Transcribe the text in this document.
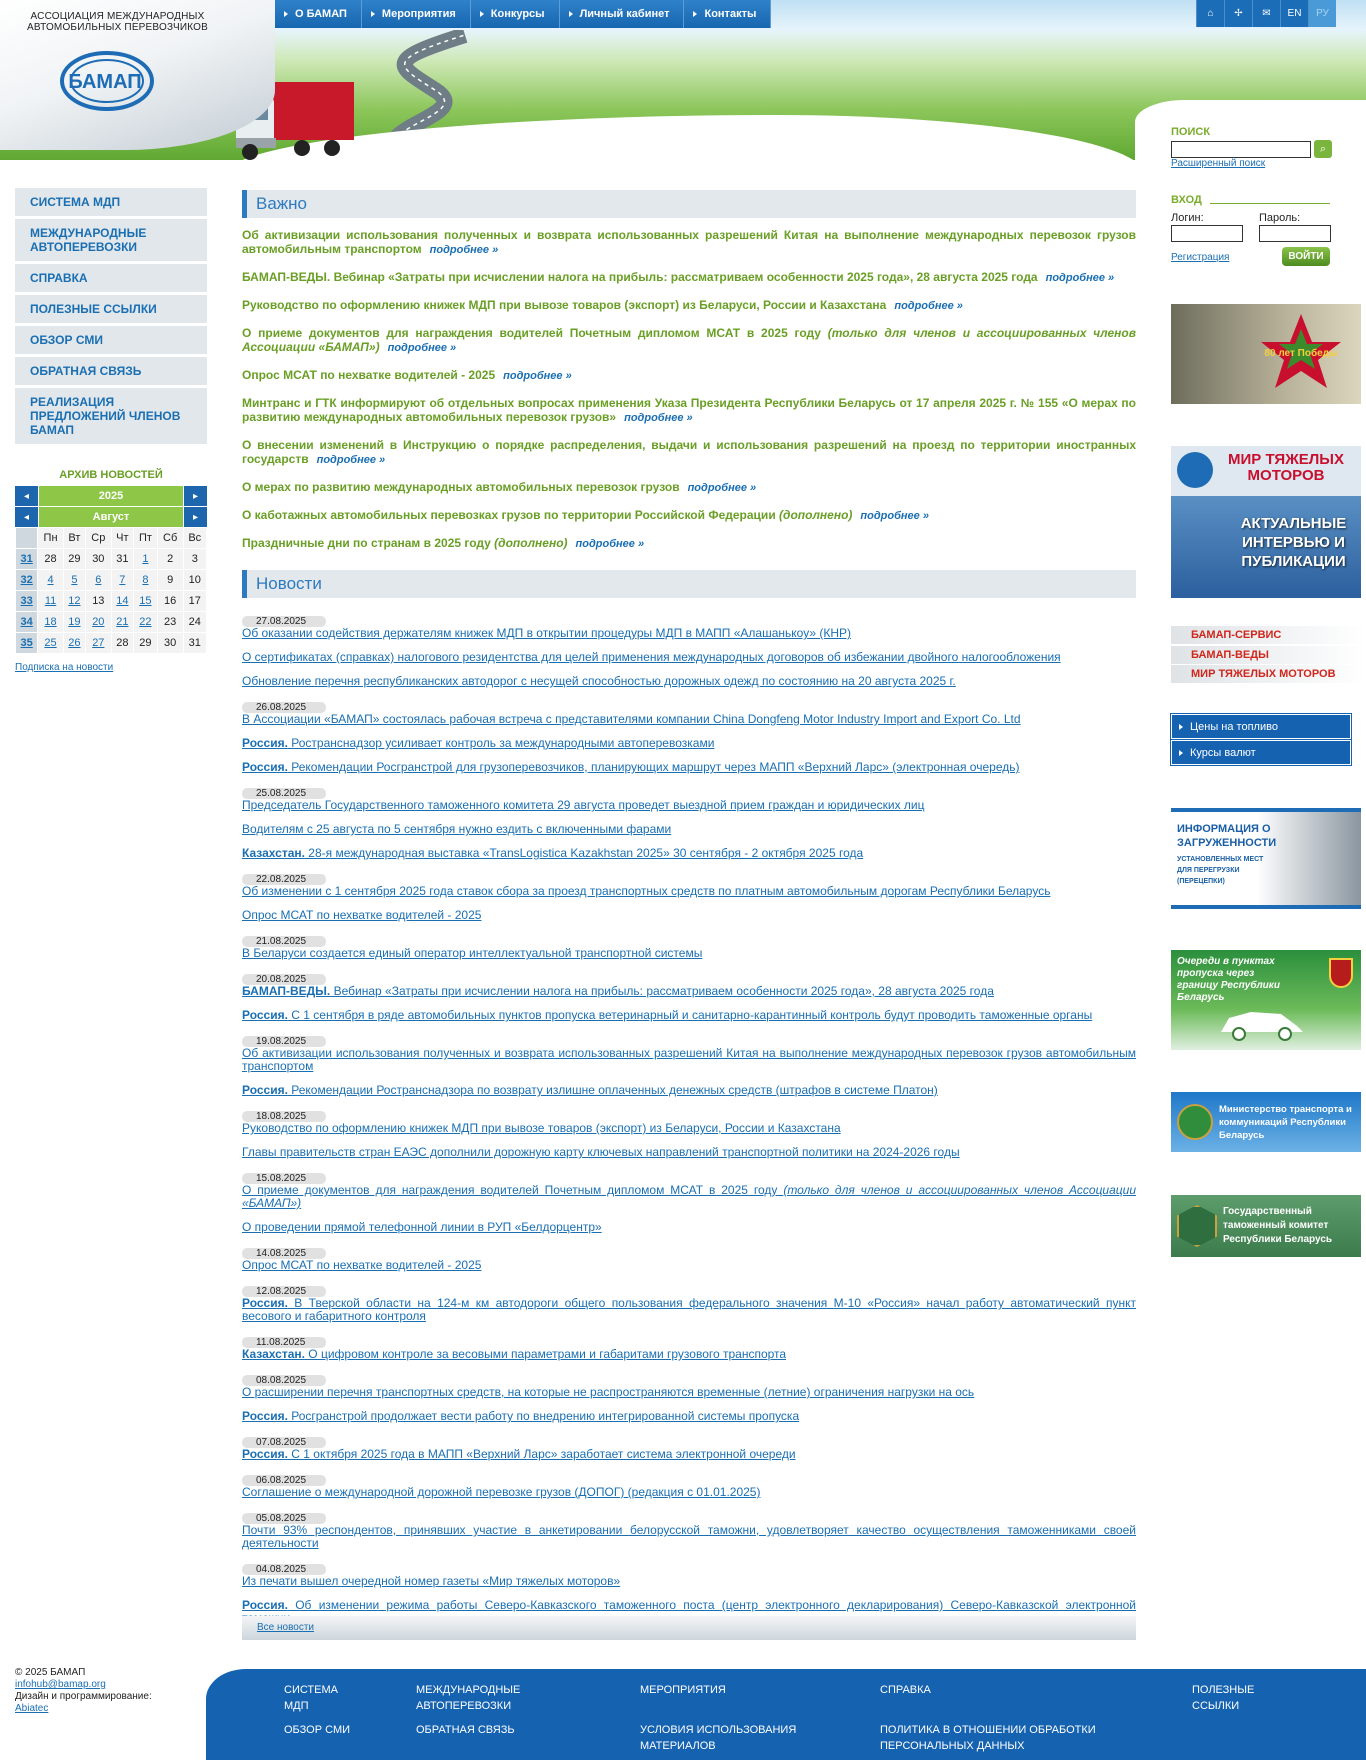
АССОЦИАЦИЯ МЕЖДУНАРОДНЫХ
АВТОМОБИЛЬНЫХ ПЕРЕВОЗЧИКОВ
БАМАП
О БАМАП	Мероприятия	Конкурсы	Личный кабинет	Контакты	⌂	✢	✉	EN	РУ
ПОИСК
⌕
Расширенный поиск
ВХОД
Логин:	Пароль:
Регистрация	ВОЙТИ
СИСТЕМА МДП
МЕЖДУНАРОДНЫЕ АВТОПЕРЕВОЗКИ
СПРАВКА
ПОЛЕЗНЫЕ ССЫЛКИ
ОБЗОР СМИ
ОБРАТНАЯ СВЯЗЬ
РЕАЛИЗАЦИЯ ПРЕДЛОЖЕНИЙ ЧЛЕНОВ БАМАП
АРХИВ НОВОСТЕЙ
◂	2025	▸
◂	Август	▸
	Пн	Вт	Ср	Чт	Пт	Сб	Вс
31	28	29	30	31	1	2	3
32	4	5	6	7	8	9	10
33	11	12	13	14	15	16	17
34	18	19	20	21	22	23	24
35	25	26	27	28	29	30	31
Подписка на новости
Важно
Об активизации использования полученных и возврата использованных разрешений Китая на выполнение международных перевозок грузов автомобильным транспортом подробнее »
БАМАП-ВЕДЫ. Вебинар «Затраты при исчислении налога на прибыль: рассматриваем особенности 2025 года», 28 августа 2025 года подробнее »
Руководство по оформлению книжек МДП при вывозе товаров (экспорт) из Беларуси, России и Казахстана подробнее »
О приеме документов для награждения водителей Почетным дипломом МСАТ в 2025 году (только для членов и ассоциированных членов Ассоциации «БАМАП») подробнее »
Опрос МСАТ по нехватке водителей - 2025 подробнее »
Минтранс и ГТК информируют об отдельных вопросах применения Указа Президента Республики Беларусь от 17 апреля 2025 г. № 155 «О мерах по развитию международных автомобильных перевозок грузов» подробнее »
О внесении изменений в Инструкцию о порядке распределения, выдачи и использования разрешений на проезд по территории иностранных государств подробнее »
О мерах по развитию международных автомобильных перевозок грузов подробнее »
О каботажных автомобильных перевозках грузов по территории Российской Федерации (дополнено) подробнее »
Праздничные дни по странам в 2025 году (дополнено) подробнее »
Новости
27.08.2025
Об оказании содействия держателям книжек МДП в открытии процедуры МДП в МАПП «Алашанькоу» (КНР)
О сертификатах (справках) налогового резидентства для целей применения международных договоров об избежании двойного налогообложения
Обновление перечня республиканских автодорог с несущей способностью дорожных одежд по состоянию на 20 августа 2025 г.
26.08.2025
В Ассоциации «БАМАП» состоялась рабочая встреча с представителями компании China Dongfeng Motor Industry Import and Export Co. Ltd
Россия. Ространснадзор усиливает контроль за международными автоперевозками
Россия. Рекомендации Росгранстрой для грузоперевозчиков, планирующих маршрут через МАПП «Верхний Ларс» (электронная очередь)
25.08.2025
Председатель Государственного таможенного комитета 29 августа проведет выездной прием граждан и юридических лиц
Водителям с 25 августа по 5 сентября нужно ездить с включенными фарами
Казахстан. 28-я международная выставка «TransLogistica Kazakhstan 2025» 30 сентября - 2 октября 2025 года
22.08.2025
Об изменении с 1 сентября 2025 года ставок сбора за проезд транспортных средств по платным автомобильным дорогам Республики Беларусь
Опрос МСАТ по нехватке водителей - 2025
21.08.2025
В Беларуси создается единый оператор интеллектуальной транспортной системы
20.08.2025
БАМАП-ВЕДЫ. Вебинар «Затраты при исчислении налога на прибыль: рассматриваем особенности 2025 года», 28 августа 2025 года
Россия. С 1 сентября в ряде автомобильных пунктов пропуска ветеринарный и санитарно-карантинный контроль будут проводить таможенные органы
19.08.2025
Об активизации использования полученных и возврата использованных разрешений Китая на выполнение международных перевозок грузов автомобильным транспортом
Россия. Рекомендации Ространснадзора по возврату излишне оплаченных денежных средств (штрафов в системе Платон)
18.08.2025
Руководство по оформлению книжек МДП при вывозе товаров (экспорт) из Беларуси, России и Казахстана
Главы правительств стран ЕАЭС дополнили дорожную карту ключевых направлений транспортной политики на 2024-2026 годы
15.08.2025
О приеме документов для награждения водителей Почетным дипломом МСАТ в 2025 году (только для членов и ассоциированных членов Ассоциации «БАМАП»)
О проведении прямой телефонной линии в РУП «Белдорцентр»
14.08.2025
Опрос МСАТ по нехватке водителей - 2025
12.08.2025
Россия. В Тверской области на 124-м км автодороги общего пользования федерального значения М-10 «Россия» начал работу автоматический пункт весового и габаритного контроля
11.08.2025
Казахстан. О цифровом контроле за весовыми параметрами и габаритами грузового транспорта
08.08.2025
О расширении перечня транспортных средств, на которые не распространяются временные (летние) ограничения нагрузки на ось
Россия. Росгранстрой продолжает вести работу по внедрению интегрированной системы пропуска
07.08.2025
Россия. С 1 октября 2025 года в МАПП «Верхний Ларс» заработает система электронной очереди
06.08.2025
Соглашение о международной дорожной перевозке грузов (ДОПОГ) (редакция с 01.01.2025)
05.08.2025
Почти 93% респондентов, принявших участие в анкетировании белорусской таможни, удовлетворяет качество осуществления таможенниками своей деятельности
04.08.2025
Из печати вышел очередной номер газеты «Мир тяжелых моторов»
Россия. Об изменении режима работы Северо-Кавказского таможенного поста (центр электронного декларирования) Северо-Кавказской электронной
Все новости
80 лет Победы
МИР ТЯЖЕЛЫХ МОТОРОВ
АКТУАЛЬНЫЕ ИНТЕРВЬЮ И ПУБЛИКАЦИИ
БАМАП-СЕРВИС
БАМАП-ВЕДЫ
МИР ТЯЖЕЛЫХ МОТОРОВ
Цены на топливо
Курсы валют
ИНФОРМАЦИЯ О ЗАГРУЖЕННОСТИ
УСТАНОВЛЕННЫХ МЕСТ ДЛЯ ПЕРЕГРУЗКИ (ПЕРЕЦЕПКИ)
Очереди в пунктах пропуска через границу Республики Беларусь
Министерство транспорта и коммуникаций Республики Беларусь
Государственный таможенный комитет Республики Беларусь
© 2025 БАМАП
infohub@bamap.org
Дизайн и программирование:
Abiatec
СИСТЕМА
МДП
МЕЖДУНАРОДНЫЕ
АВТОПЕРЕВОЗКИ
МЕРОПРИЯТИЯ	СПРАВКА	ПОЛЕЗНЫЕ
ССЫЛКИ
ОБЗОР СМИ	ОБРАТНАЯ СВЯЗЬ	УСЛОВИЯ ИСПОЛЬЗОВАНИЯ
МАТЕРИАЛОВ
ПОЛИТИКА В ОТНОШЕНИИ ОБРАБОТКИ
ПЕРСОНАЛЬНЫХ ДАННЫХ
